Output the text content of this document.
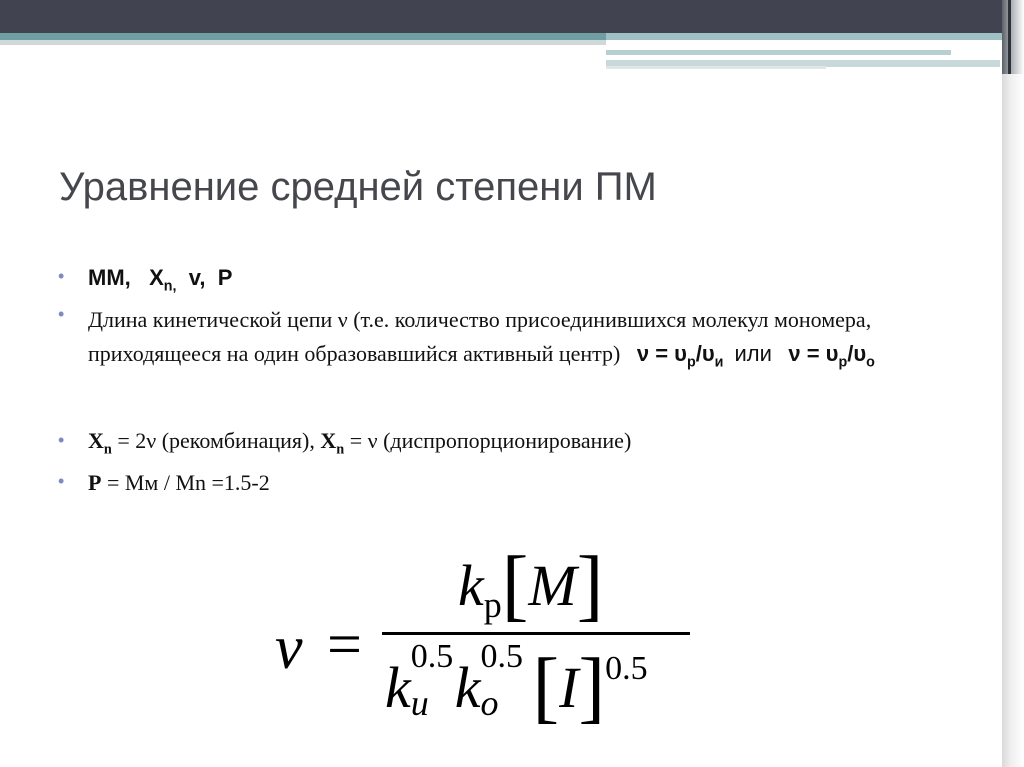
Уравнение средней степени ПМ
• ММ, $X_{n,}$ v, P
• Длина кинетической цепи ν (т.е. количество присоединившихся молекул мономера, приходящееся на один образовавшийся активный центр) $\nu = \upsilon_р/\upsilon_и$ или $\nu = \upsilon_р/\upsilon_о$
• $X_n = 2\nu$ (рекомбинация), $X_n = \nu$ (диспропорционирование)
• P = Mм / Mn =1.5-2
ν =
$k_p[M]$
k 0.5
u k 0.5
o $[I]^{0.5}$
